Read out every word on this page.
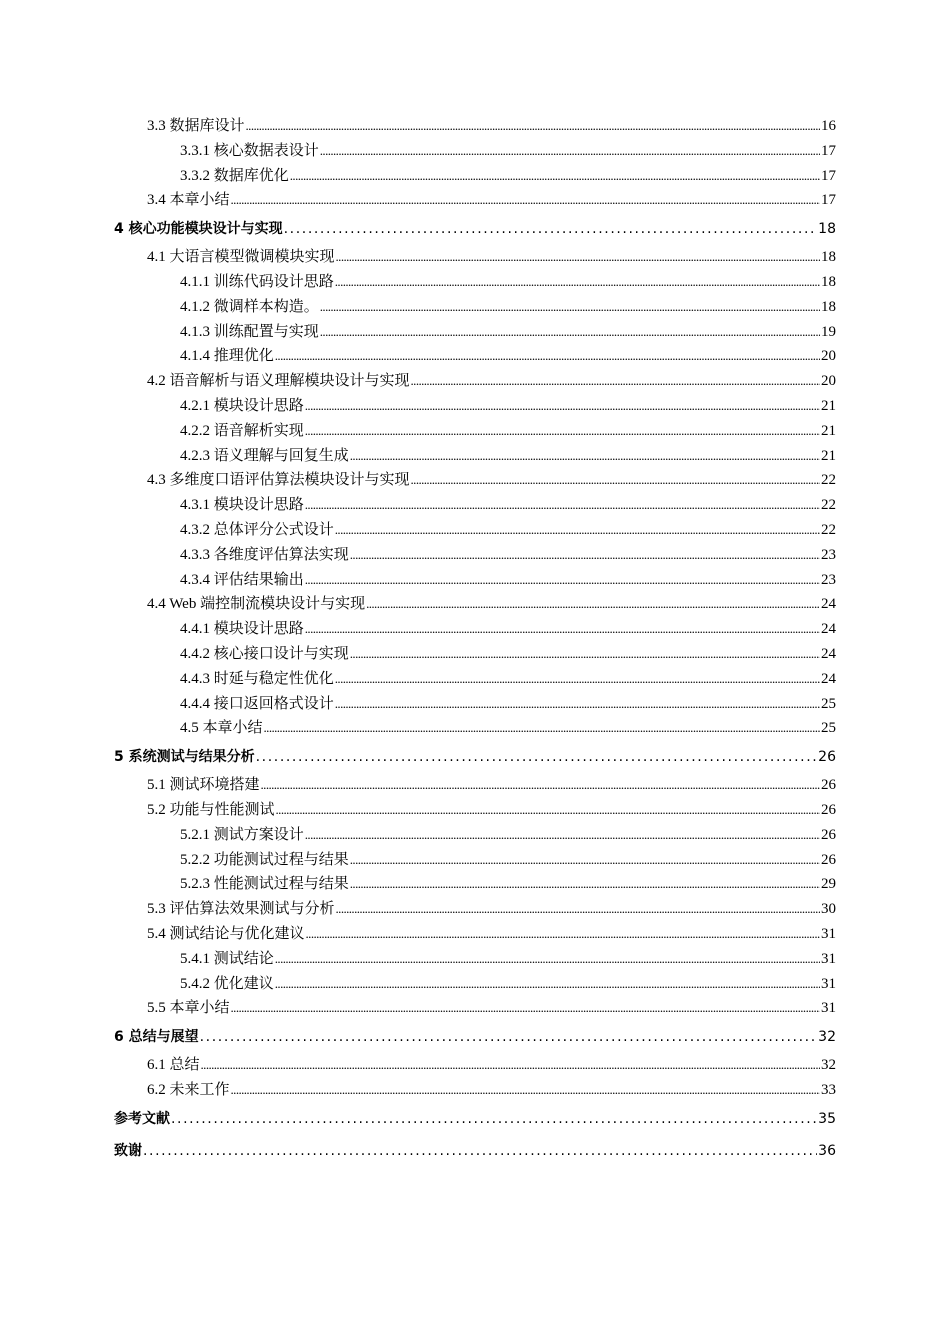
3.3 数据库设计 .....	16
3.3.1 核心数据表设计 .....	17
3.3.2 数据库优化 .....	17
3.4 本章小结 .....	17
4 核心功能模块设计与实现 .....	18
4.1 大语言模型微调模块实现 .....	18
4.1.1 训练代码设计思路 .....	18
4.1.2 微调样本构造。 .....	18
4.1.3 训练配置与实现 .....	19
4.1.4 推理优化 .....	20
4.2 语音解析与语义理解模块设计与实现 .....	20
4.2.1 模块设计思路 .....	21
4.2.2 语音解析实现 .....	21
4.2.3 语义理解与回复生成 .....	21
4.3 多维度口语评估算法模块设计与实现 .....	22
4.3.1 模块设计思路 .....	22
4.3.2 总体评分公式设计 .....	22
4.3.3 各维度评估算法实现 .....	23
4.3.4 评估结果输出 .....	23
4.4 Web 端控制流模块设计与实现 .....	24
4.4.1 模块设计思路 .....	24
4.4.2 核心接口设计与实现 .....	24
4.4.3 时延与稳定性优化 .....	24
4.4.4 接口返回格式设计 .....	25
4.5 本章小结 .....	25
5 系统测试与结果分析 .....	26
5.1 测试环境搭建 .....	26
5.2 功能与性能测试 .....	26
5.2.1 测试方案设计 .....	26
5.2.2 功能测试过程与结果 .....	26
5.2.3 性能测试过程与结果 .....	29
5.3 评估算法效果测试与分析 .....	30
5.4 测试结论与优化建议 .....	31
5.4.1 测试结论 .....	31
5.4.2 优化建议 .....	31
5.5 本章小结 .....	31
6 总结与展望 .....	32
6.1 总结 .....	32
6.2 未来工作 .....	33
参考文献 .....	35
致谢 .....	36
